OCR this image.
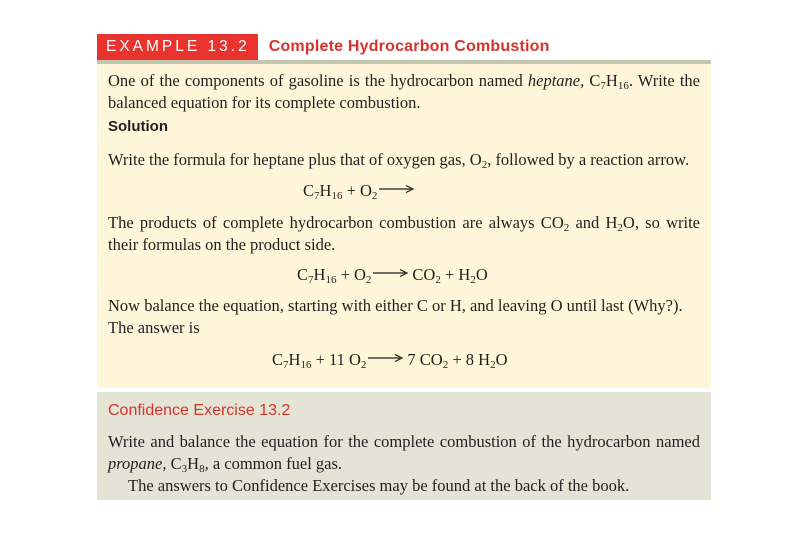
EXAMPLE 13.2	Complete Hydrocarbon Combustion

One of the components of gasoline is the hydrocarbon named heptane, $C_7H_{16}$. Write the balanced equation for its complete combustion.

Solution

Write the formula for heptane plus that of oxygen gas, $O_2$, followed by a reaction arrow.

$C_7H_{16} + O_2$

The products of complete hydrocarbon combustion are always $CO_2$ and $H_2O$, so write their formulas on the product side.

$C_7H_{16} + O_2 \to CO_2 + H_2O$

Now balance the equation, starting with either C or H, and leaving O until last (Why?). The answer is

$C_7H_{16} + 11$ $O_2 \to 7$ $CO_2 + 8$ $H_2O$
Confidence Exercise 13.2

Write and balance the equation for the complete combustion of the hydrocarbon named propane, $C_3H_8$, a common fuel gas.

The answers to Confidence Exercises may be found at the back of the book.
